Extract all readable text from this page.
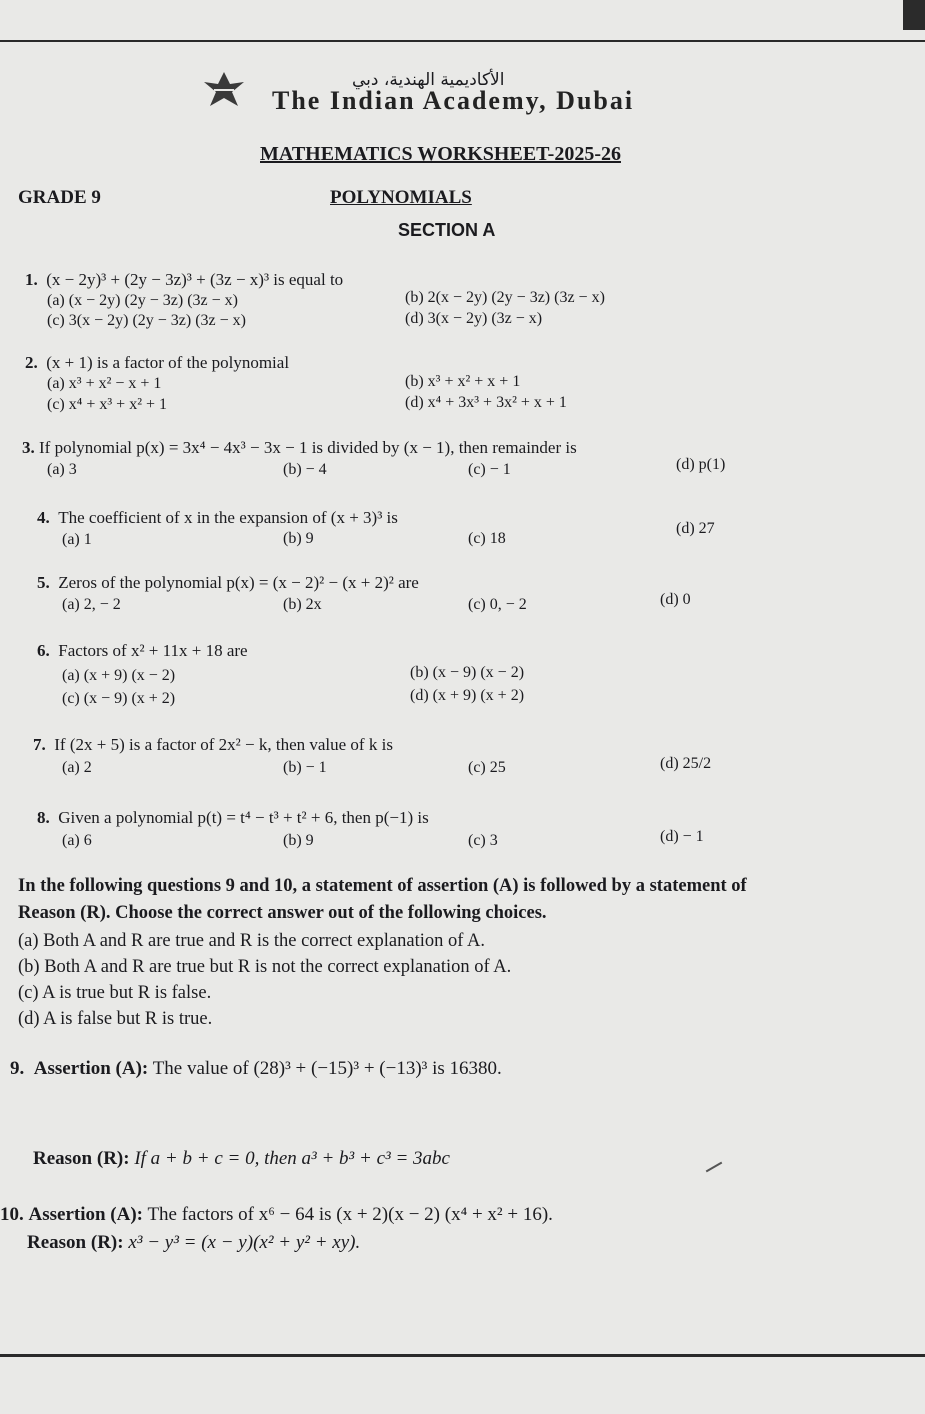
الأكاديمية الهندية، دبي
The Indian Academy, Dubai
MATHEMATICS WORKSHEET-2025-26
GRADE 9	POLYNOMIALS
SECTION A
1. (x − 2y)³ + (2y − 3z)³ + (3z − x)³ is equal to
(a) (x − 2y) (2y − 3z) (3z − x)	(b) 2(x − 2y) (2y − 3z) (3z − x)
(c) 3(x − 2y) (2y − 3z) (3z − x)	(d) 3(x − 2y) (3z − x)
2. (x + 1) is a factor of the polynomial
(a) x³ + x² − x + 1	(b) x³ + x² + x + 1
(c) x⁴ + x³ + x² + 1	(d) x⁴ + 3x³ + 3x² + x + 1
3. If polynomial p(x) = 3x⁴ − 4x³ − 3x − 1 is divided by (x − 1), then remainder is
(a) 3	(b) − 4	(c) − 1	(d) p(1)
4. The coefficient of x in the expansion of (x + 3)³ is
(a) 1	(b) 9	(c) 18
(d) 27
5. Zeros of the polynomial p(x) = (x − 2)² − (x + 2)² are
(a) 2, − 2	(b) 2x	(c) 0, − 2	(d) 0
6. Factors of x² + 11x + 18 are
(a) (x + 9) (x − 2)	(b) (x − 9) (x − 2)
(c) (x − 9) (x + 2)	(d) (x + 9) (x + 2)
7. If (2x + 5) is a factor of 2x² − k, then value of k is
(a) 2	(b) − 1	(c) 25	(d) 25/2
8. Given a polynomial p(t) = t⁴ − t³ + t² + 6, then p(−1) is
(a) 6	(b) 9	(c) 3	(d) − 1
In the following questions 9 and 10, a statement of assertion (A) is followed by a statement of
Reason (R). Choose the correct answer out of the following choices.
(a) Both A and R are true and R is the correct explanation of A.
(b) Both A and R are true but R is not the correct explanation of A.
(c) A is true but R is false.
(d) A is false but R is true.
9. Assertion (A): The value of (28)³ + (−15)³ + (−13)³ is 16380.
Reason (R): If a + b + c = 0, then a³ + b³ + c³ = 3abc
10. Assertion (A): The factors of x⁶ − 64 is (x + 2)(x − 2) (x⁴ + x² + 16).
Reason (R): x³ − y³ = (x − y)(x² + y² + xy).
